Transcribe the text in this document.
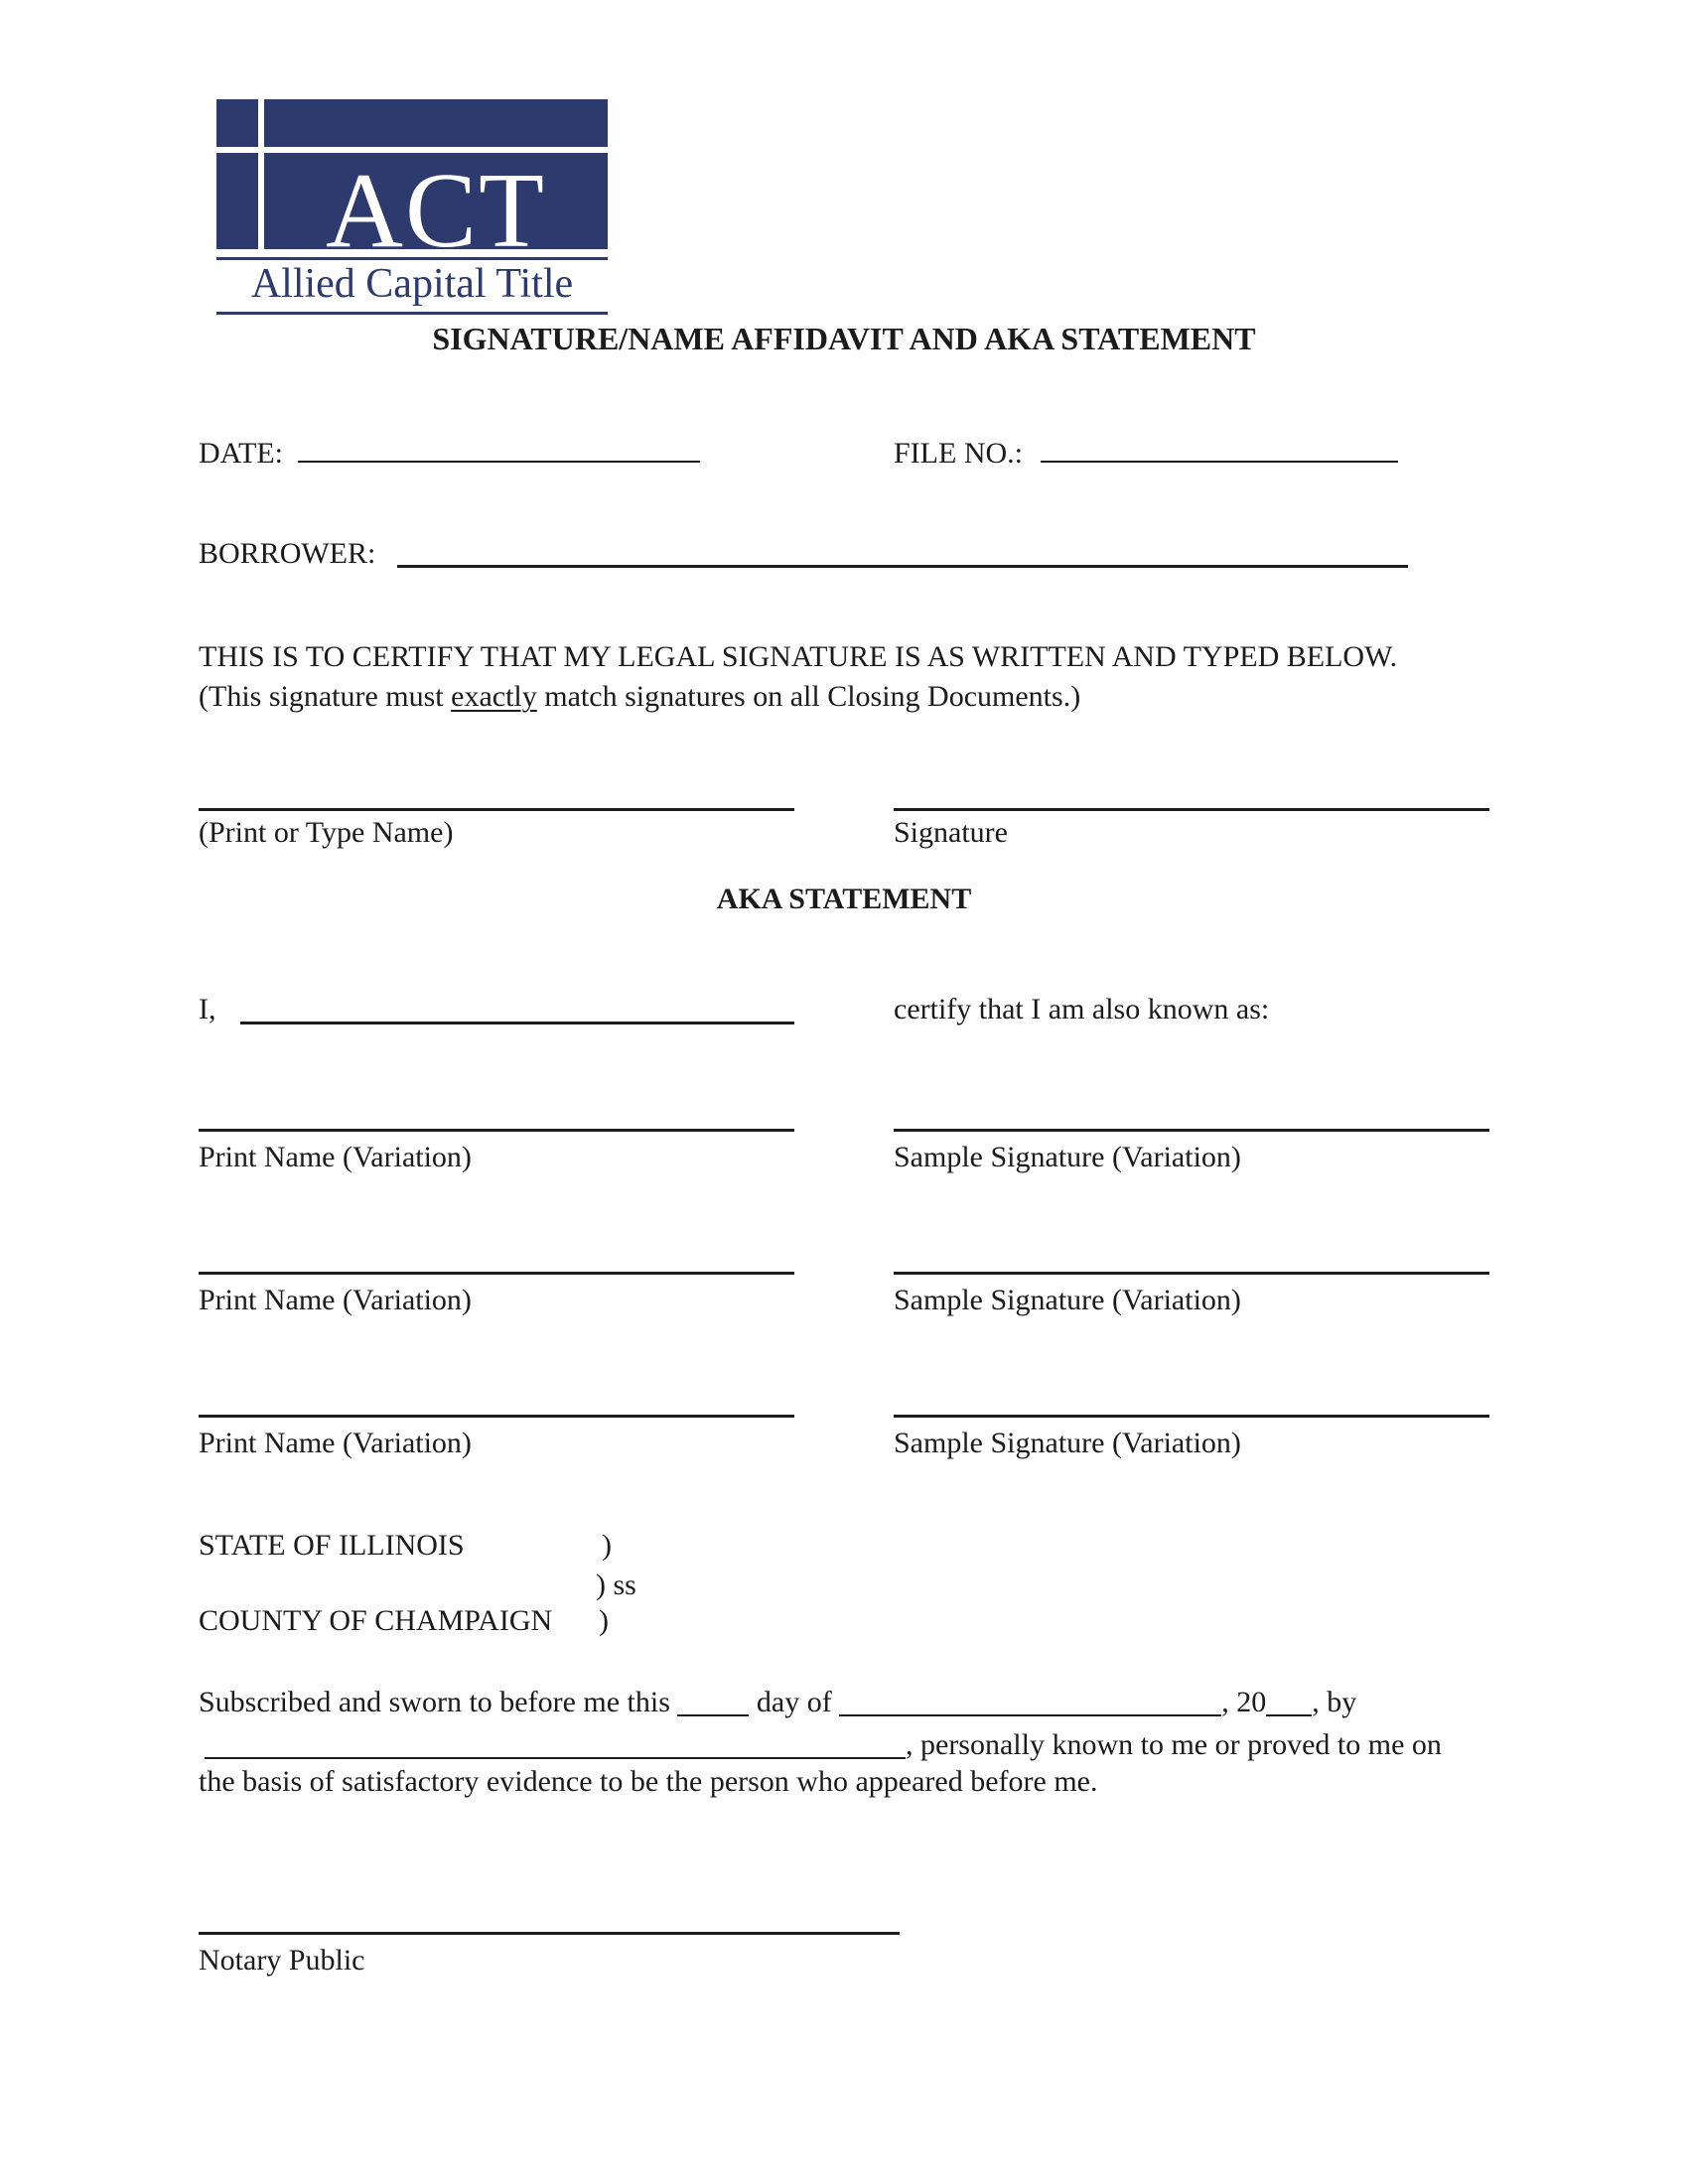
ACT
Allied Capital Title
SIGNATURE/NAME AFFIDAVIT AND AKA STATEMENT
DATE:	FILE NO.:
BORROWER:
THIS IS TO CERTIFY THAT MY LEGAL SIGNATURE IS AS WRITTEN AND TYPED BELOW.
(This signature must exactly match signatures on all Closing Documents.)
(Print or Type Name)	Signature
AKA STATEMENT
I,	certify that I am also known as:
Print Name (Variation)	Sample Signature (Variation)
Print Name (Variation)	Sample Signature (Variation)
Print Name (Variation)	Sample Signature (Variation)
STATE OF ILLINOIS	)
) ss
COUNTY OF CHAMPAIGN )
Subscribed and sworn to before me this	day of	, 20 , by
, personally known to me or proved to me on
the basis of satisfactory evidence to be the person who appeared before me.
Notary Public
